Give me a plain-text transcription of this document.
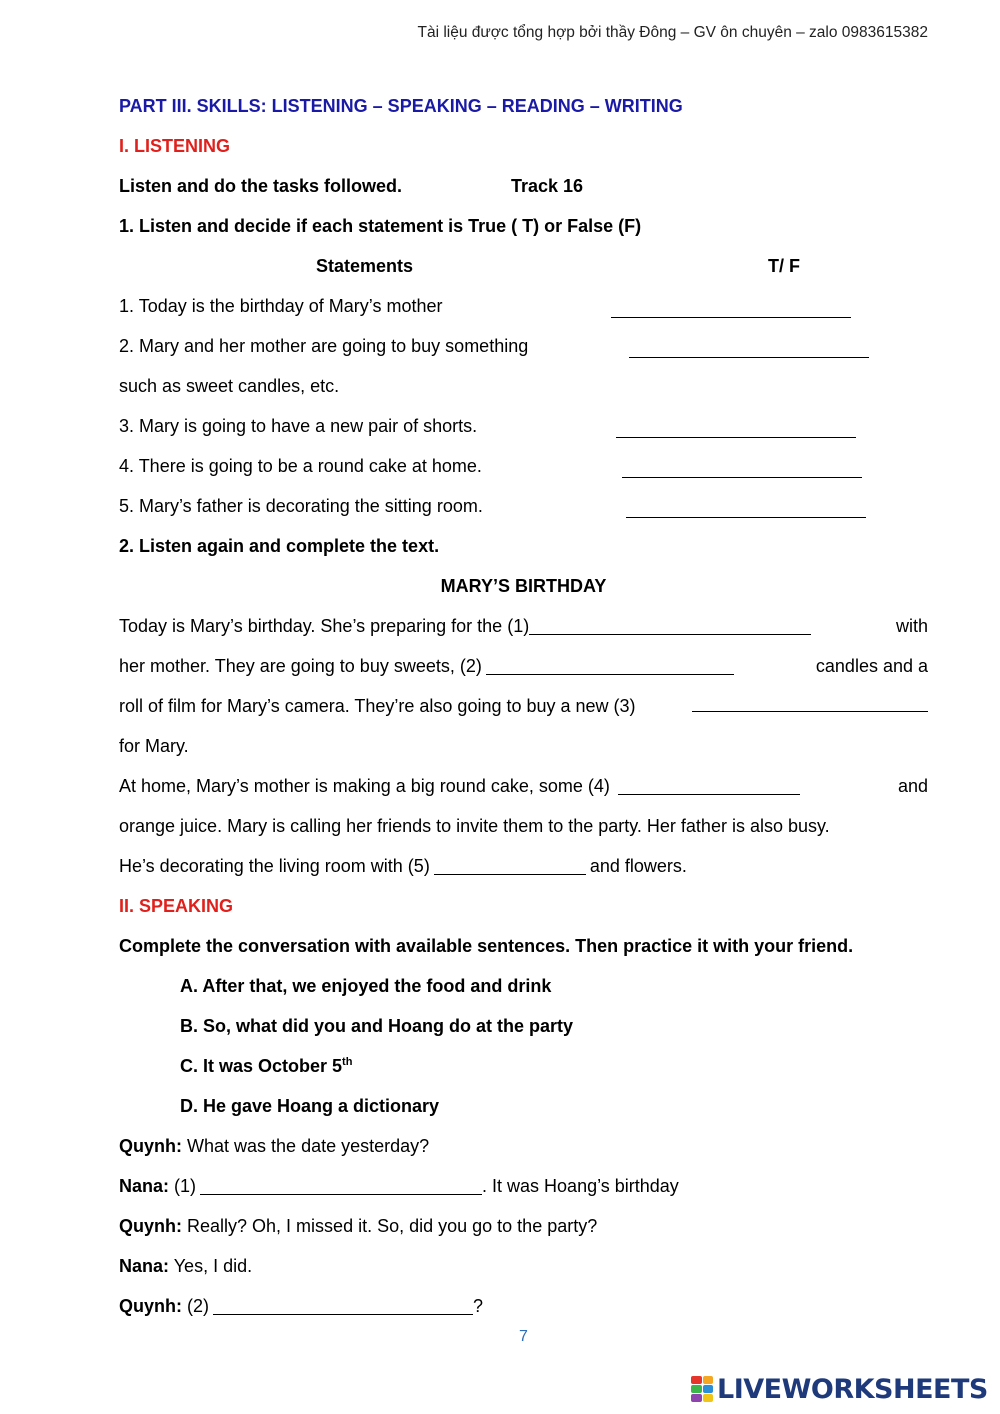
Tài liệu được tổng hợp bởi thầy Đông – GV ôn chuyên – zalo 0983615382
PART III. SKILLS: LISTENING – SPEAKING – READING – WRITING
I. LISTENING
Listen and do the tasks followed.	Track 16
1. Listen and decide if each statement is True ( T) or False (F)
Statements	T/ F
1. Today is the birthday of Mary’s mother
2. Mary and her mother are going to buy something
such as sweet candles, etc.
3. Mary is going to have a new pair of shorts.
4. There is going to be a round cake at home.
5. Mary’s father is decorating the sitting room.
2. Listen again and complete the text.
MARY’S BIRTHDAY
Today is Mary’s birthday. She’s preparing for the (1)	with
her mother. They are going to buy sweets, (2)	candles and a
roll of film for Mary’s camera. They’re also going to buy a new (3)
for Mary.
At home, Mary’s mother is making a big round cake, some (4)	and
orange juice. Mary is calling her friends to invite them to the party. Her father is also busy.
He’s decorating the living room with (5)	and flowers.
II. SPEAKING
Complete the conversation with available sentences. Then practice it with your friend.
A. After that, we enjoyed the food and drink
B. So, what did you and Hoang do at the party
C. It was October 5th
D. He gave Hoang a dictionary
Quynh: What was the date yesterday?
Nana: (1)	. It was Hoang’s birthday
Quynh: Really? Oh, I missed it. So, did you go to the party?
Nana: Yes, I did.
Quynh: (2)	?
7
LIVEWORKSHEETS
